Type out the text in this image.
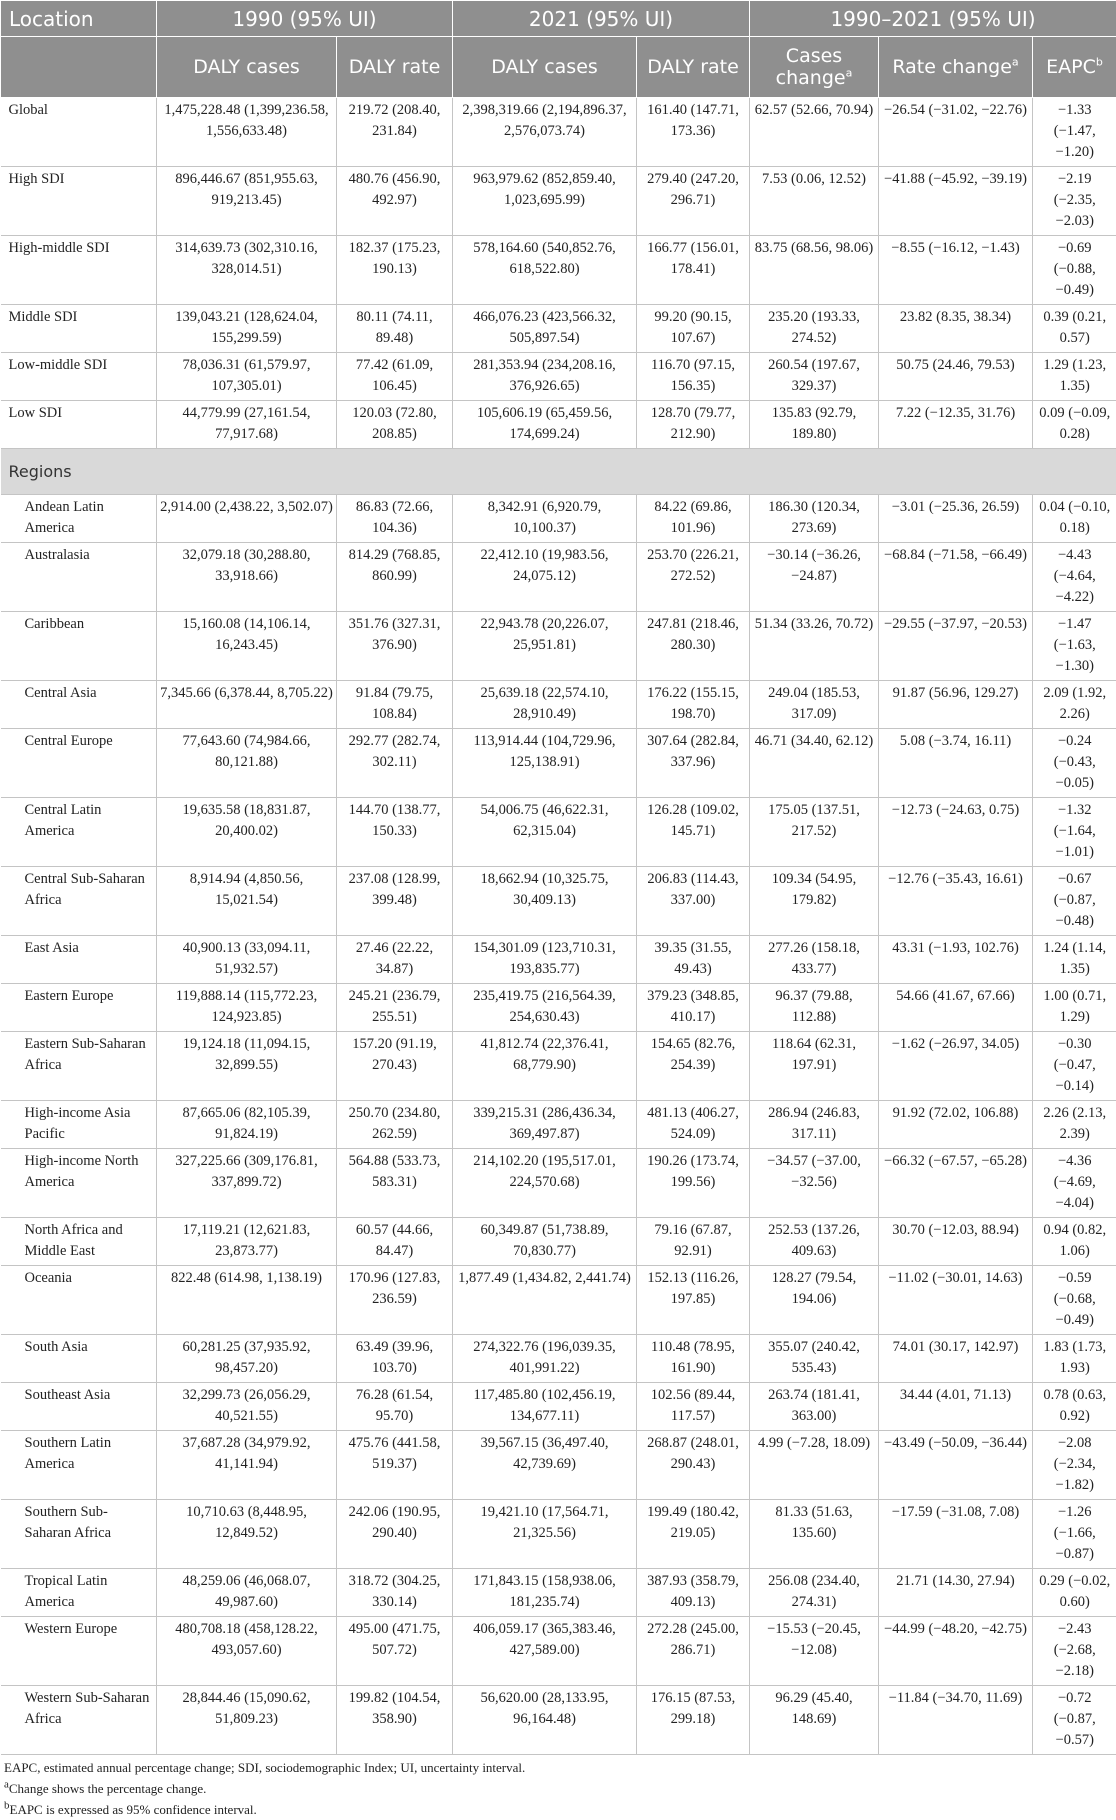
Location	1990 (95% UI)		2021 (95% UI)		1990–2021 (95% UI)		
	DALY cases	DALY rate	DALY cases	DALY rate	Cases change$^a$	Rate change$^a$	EAPC$^b$
Global	1,475,228.48 (1,399,236.58, 1,556,633.48)	219.72 (208.40, 231.84)	2,398,319.66 (2,194,896.37, 2,576,073.74)	161.40 (147.71, 173.36)	62.57 (52.66, 70.94)	−26.54 (−31.02, −22.76)	−1.33 (−1.47, −1.20)
High SDI	896,446.67 (851,955.63, 919,213.45)	480.76 (456.90, 492.97)	963,979.62 (852,859.40, 1,023,695.99)	279.40 (247.20, 296.71)	7.53 (0.06, 12.52)	−41.88 (−45.92, −39.19)	−2.19 (−2.35, −2.03)
High-middle SDI	314,639.73 (302,310.16, 328,014.51)	182.37 (175.23, 190.13)	578,164.60 (540,852.76, 618,522.80)	166.77 (156.01, 178.41)	83.75 (68.56, 98.06)	−8.55 (−16.12, −1.43)	−0.69 (−0.88, −0.49)
Middle SDI	139,043.21 (128,624.04, 155,299.59)	80.11 (74.11, 89.48)	466,076.23 (423,566.32, 505,897.54)	99.20 (90.15, 107.67)	235.20 (193.33, 274.52)	23.82 (8.35, 38.34)	0.39 (0.21, 0.57)
Low-middle SDI	78,036.31 (61,579.97, 107,305.01)	77.42 (61.09, 106.45)	281,353.94 (234,208.16, 376,926.65)	116.70 (97.15, 156.35)	260.54 (197.67, 329.37)	50.75 (24.46, 79.53)	1.29 (1.23, 1.35)
Low SDI	44,779.99 (27,161.54, 77,917.68)	120.03 (72.80, 208.85)	105,606.19 (65,459.56, 174,699.24)	128.70 (79.77, 212.90)	135.83 (92.79, 189.80)	7.22 (−12.35, 31.76)	0.09 (−0.09, 0.28)
Regions							
Andean Latin America	2,914.00 (2,438.22, 3,502.07)	86.83 (72.66, 104.36)	8,342.91 (6,920.79, 10,100.37)	84.22 (69.86, 101.96)	186.30 (120.34, 273.69)	−3.01 (−25.36, 26.59)	0.04 (−0.10, 0.18)
Australasia	32,079.18 (30,288.80, 33,918.66)	814.29 (768.85, 860.99)	22,412.10 (19,983.56, 24,075.12)	253.70 (226.21, 272.52)	−30.14 (−36.26, −24.87)	−68.84 (−71.58, −66.49)	−4.43 (−4.64, −4.22)
Caribbean	15,160.08 (14,106.14, 16,243.45)	351.76 (327.31, 376.90)	22,943.78 (20,226.07, 25,951.81)	247.81 (218.46, 280.30)	51.34 (33.26, 70.72)	−29.55 (−37.97, −20.53)	−1.47 (−1.63, −1.30)
Central Asia	7,345.66 (6,378.44, 8,705.22)	91.84 (79.75, 108.84)	25,639.18 (22,574.10, 28,910.49)	176.22 (155.15, 198.70)	249.04 (185.53, 317.09)	91.87 (56.96, 129.27)	2.09 (1.92, 2.26)
Central Europe	77,643.60 (74,984.66, 80,121.88)	292.77 (282.74, 302.11)	113,914.44 (104,729.96, 125,138.91)	307.64 (282.84, 337.96)	46.71 (34.40, 62.12)	5.08 (−3.74, 16.11)	−0.24 (−0.43, −0.05)
Central Latin America	19,635.58 (18,831.87, 20,400.02)	144.70 (138.77, 150.33)	54,006.75 (46,622.31, 62,315.04)	126.28 (109.02, 145.71)	175.05 (137.51, 217.52)	−12.73 (−24.63, 0.75)	−1.32 (−1.64, −1.01)
Central Sub-Saharan Africa	8,914.94 (4,850.56, 15,021.54)	237.08 (128.99, 399.48)	18,662.94 (10,325.75, 30,409.13)	206.83 (114.43, 337.00)	109.34 (54.95, 179.82)	−12.76 (−35.43, 16.61)	−0.67 (−0.87, −0.48)
East Asia	40,900.13 (33,094.11, 51,932.57)	27.46 (22.22, 34.87)	154,301.09 (123,710.31, 193,835.77)	39.35 (31.55, 49.43)	277.26 (158.18, 433.77)	43.31 (−1.93, 102.76)	1.24 (1.14, 1.35)
Eastern Europe	119,888.14 (115,772.23, 124,923.85)	245.21 (236.79, 255.51)	235,419.75 (216,564.39, 254,630.43)	379.23 (348.85, 410.17)	96.37 (79.88, 112.88)	54.66 (41.67, 67.66)	1.00 (0.71, 1.29)
Eastern Sub-Saharan Africa	19,124.18 (11,094.15, 32,899.55)	157.20 (91.19, 270.43)	41,812.74 (22,376.41, 68,779.90)	154.65 (82.76, 254.39)	118.64 (62.31, 197.91)	−1.62 (−26.97, 34.05)	−0.30 (−0.47, −0.14)
High-income Asia Pacific	87,665.06 (82,105.39, 91,824.19)	250.70 (234.80, 262.59)	339,215.31 (286,436.34, 369,497.87)	481.13 (406.27, 524.09)	286.94 (246.83, 317.11)	91.92 (72.02, 106.88)	2.26 (2.13, 2.39)
High-income North America	327,225.66 (309,176.81, 337,899.72)	564.88 (533.73, 583.31)	214,102.20 (195,517.01, 224,570.68)	190.26 (173.74, 199.56)	−34.57 (−37.00, −32.56)	−66.32 (−67.57, −65.28)	−4.36 (−4.69, −4.04)
North Africa and Middle East	17,119.21 (12,621.83, 23,873.77)	60.57 (44.66, 84.47)	60,349.87 (51,738.89, 70,830.77)	79.16 (67.87, 92.91)	252.53 (137.26, 409.63)	30.70 (−12.03, 88.94)	0.94 (0.82, 1.06)
Oceania	822.48 (614.98, 1,138.19)	170.96 (127.83, 236.59)	1,877.49 (1,434.82, 2,441.74)	152.13 (116.26, 197.85)	128.27 (79.54, 194.06)	−11.02 (−30.01, 14.63)	−0.59 (−0.68, −0.49)
South Asia	60,281.25 (37,935.92, 98,457.20)	63.49 (39.96, 103.70)	274,322.76 (196,039.35, 401,991.22)	110.48 (78.95, 161.90)	355.07 (240.42, 535.43)	74.01 (30.17, 142.97)	1.83 (1.73, 1.93)
Southeast Asia	32,299.73 (26,056.29, 40,521.55)	76.28 (61.54, 95.70)	117,485.80 (102,456.19, 134,677.11)	102.56 (89.44, 117.57)	263.74 (181.41, 363.00)	34.44 (4.01, 71.13)	0.78 (0.63, 0.92)
Southern Latin America	37,687.28 (34,979.92, 41,141.94)	475.76 (441.58, 519.37)	39,567.15 (36,497.40, 42,739.69)	268.87 (248.01, 290.43)	4.99 (−7.28, 18.09)	−43.49 (−50.09, −36.44)	−2.08 (−2.34, −1.82)
Southern Sub-Saharan Africa	10,710.63 (8,448.95, 12,849.52)	242.06 (190.95, 290.40)	19,421.10 (17,564.71, 21,325.56)	199.49 (180.42, 219.05)	81.33 (51.63, 135.60)	−17.59 (−31.08, 7.08)	−1.26 (−1.66, −0.87)
Tropical Latin America	48,259.06 (46,068.07, 49,987.60)	318.72 (304.25, 330.14)	171,843.15 (158,938.06, 181,235.74)	387.93 (358.79, 409.13)	256.08 (234.40, 274.31)	21.71 (14.30, 27.94)	0.29 (−0.02, 0.60)
Western Europe	480,708.18 (458,128.22, 493,057.60)	495.00 (471.75, 507.72)	406,059.17 (365,383.46, 427,589.00)	272.28 (245.00, 286.71)	−15.53 (−20.45, −12.08)	−44.99 (−48.20, −42.75)	−2.43 (−2.68, −2.18)
Western Sub-Saharan Africa	28,844.46 (15,090.62, 51,809.23)	199.82 (104.54, 358.90)	56,620.00 (28,133.95, 96,164.48)	176.15 (87.53, 299.18)	96.29 (45.40, 148.69)	−11.84 (−34.70, 11.69)	−0.72 (−0.87, −0.57)

EAPC, estimated annual percentage change; SDI, sociodemographic Index; UI, uncertainty interval.

$^a$Change shows the percentage change.

$^b$EAPC is expressed as 95% confidence interval.
